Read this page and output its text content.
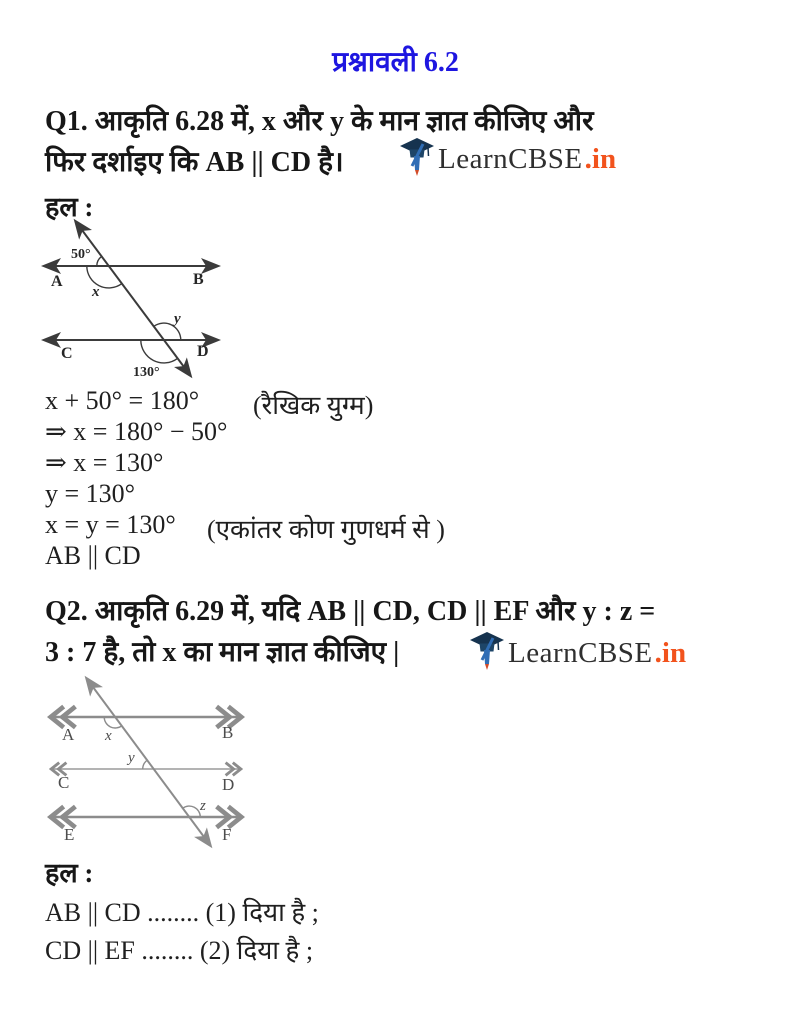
प्रश्नावली 6.2
Q1. आकृति 6.28 में, x और y के मान ज्ञात कीजिए और
फिर दर्शाइए कि AB || CD है।	LearnCBSE .in
हल :
50°
A	B
x
y
C	D
130°
x + 50° = 180° (रैखिक युग्म)
⇒ x = 180° − 50°
⇒ x = 130°
y = 130°
x = y = 130° (एकांतर कोण गुणधर्म से )
AB || CD
Q2. आकृति 6.29 में, यदि AB || CD, CD || EF और y : z =
3 : 7 है, तो x का मान ज्ञात कीजिए |	LearnCBSE .in
A	B
x
y
C	D
z
E	F
हल :
AB || CD ........ (1) दिया है ;
CD || EF ........ (2) दिया है ;
